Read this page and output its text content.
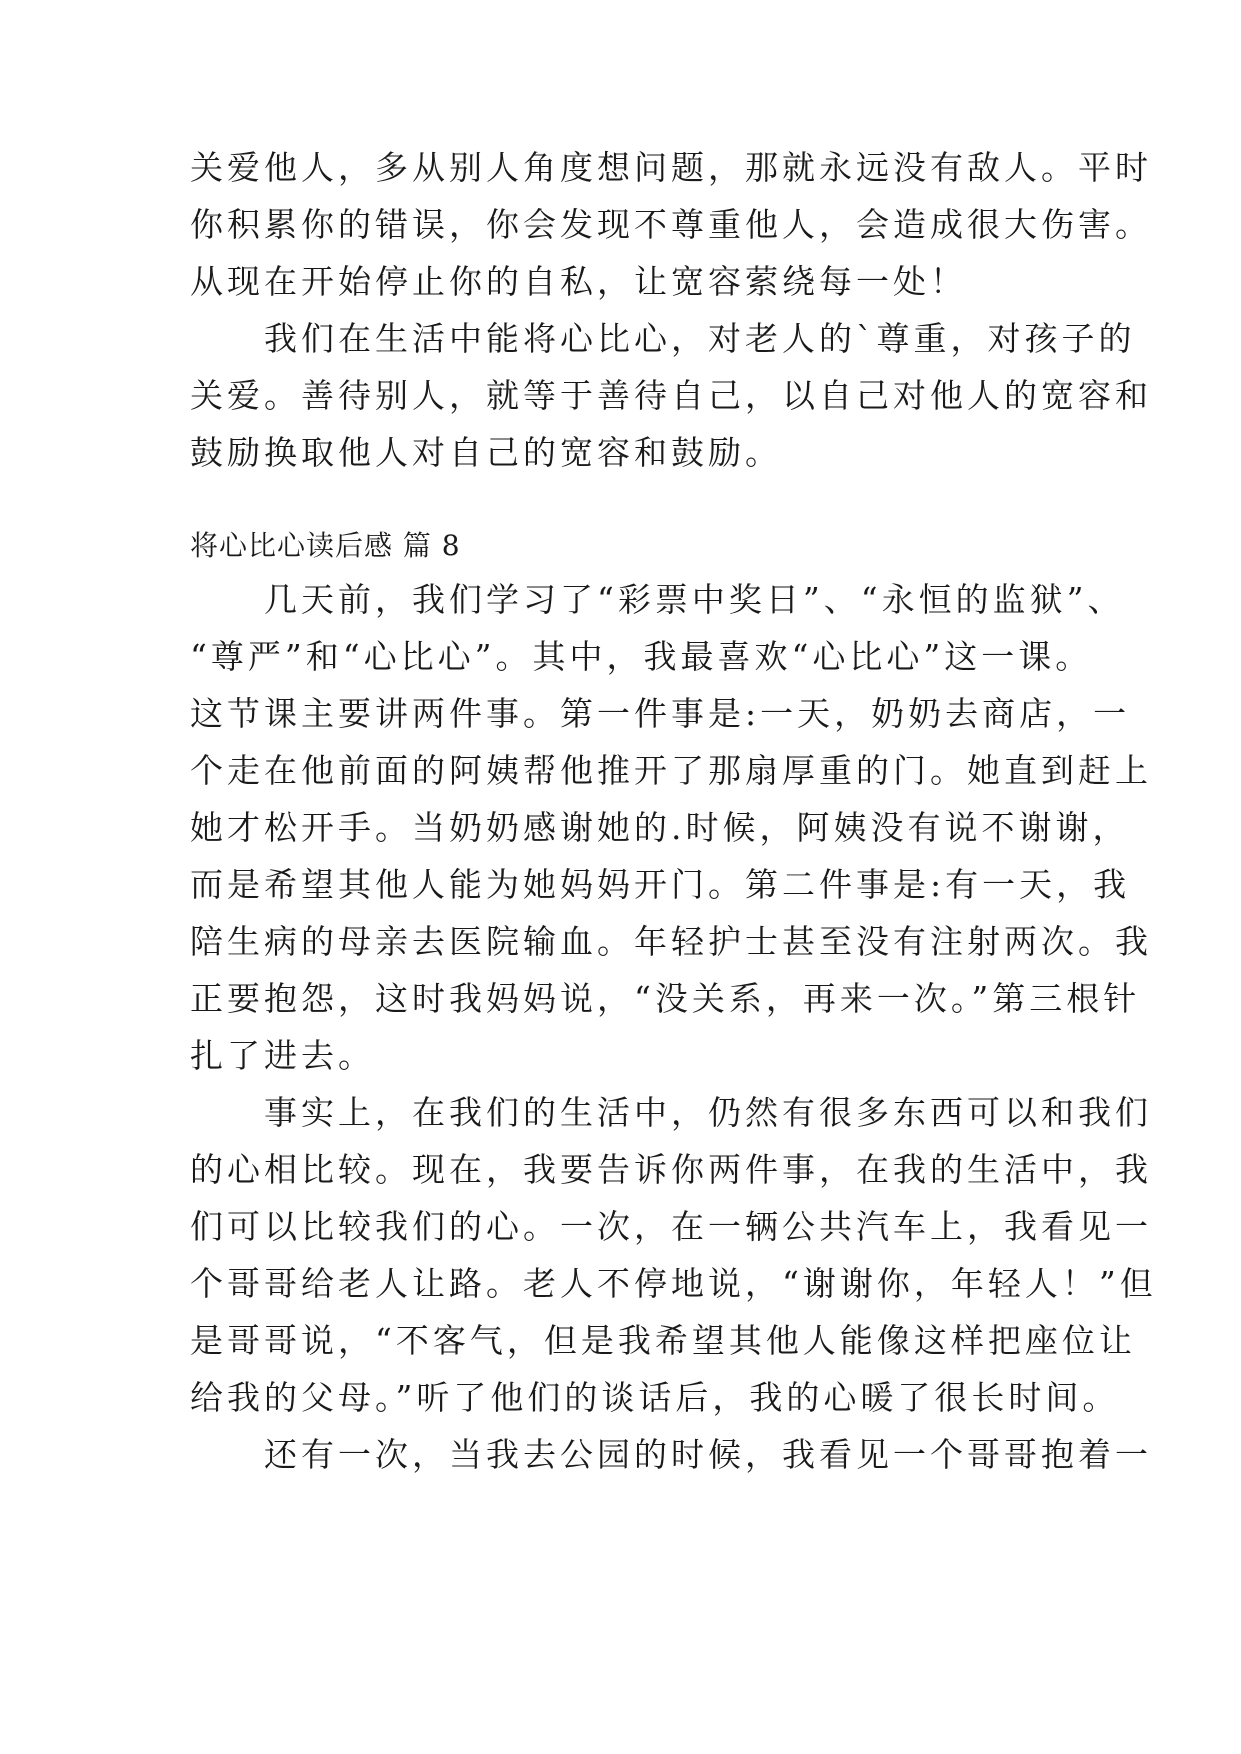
关爱他人，多从别人角度想问题，那就永远没有敌人。平时
你积累你的错误，你会发现不尊重他人，会造成很大伤害。
从现在开始停止你的自私，让宽容萦绕每一处！
　　我们在生活中能将心比心，对老人的`尊重，对孩子的
关爱。善待别人，就等于善待自己，以自己对他人的宽容和
鼓励换取他人对自己的宽容和鼓励。
将心比心读后感 篇 8
　　几天前，我们学习了“彩票中奖日”、“永恒的监狱”、
“尊严”和“心比心”。其中，我最喜欢“心比心”这一课。
这节课主要讲两件事。第一件事是:一天，奶奶去商店，一
个走在他前面的阿姨帮他推开了那扇厚重的门。她直到赶上
她才松开手。当奶奶感谢她的.时候，阿姨没有说不谢谢，
而是希望其他人能为她妈妈开门。第二件事是:有一天，我
陪生病的母亲去医院输血。年轻护士甚至没有注射两次。我
正要抱怨，这时我妈妈说，“没关系，再来一次。”第三根针
扎了进去。
　　事实上，在我们的生活中，仍然有很多东西可以和我们
的心相比较。现在，我要告诉你两件事，在我的生活中，我
们可以比较我们的心。一次，在一辆公共汽车上，我看见一
个哥哥给老人让路。老人不停地说，“谢谢你，年轻人！”但
是哥哥说，“不客气，但是我希望其他人能像这样把座位让
给我的父母。”听了他们的谈话后，我的心暖了很长时间。
　　还有一次，当我去公园的时候，我看见一个哥哥抱着一
